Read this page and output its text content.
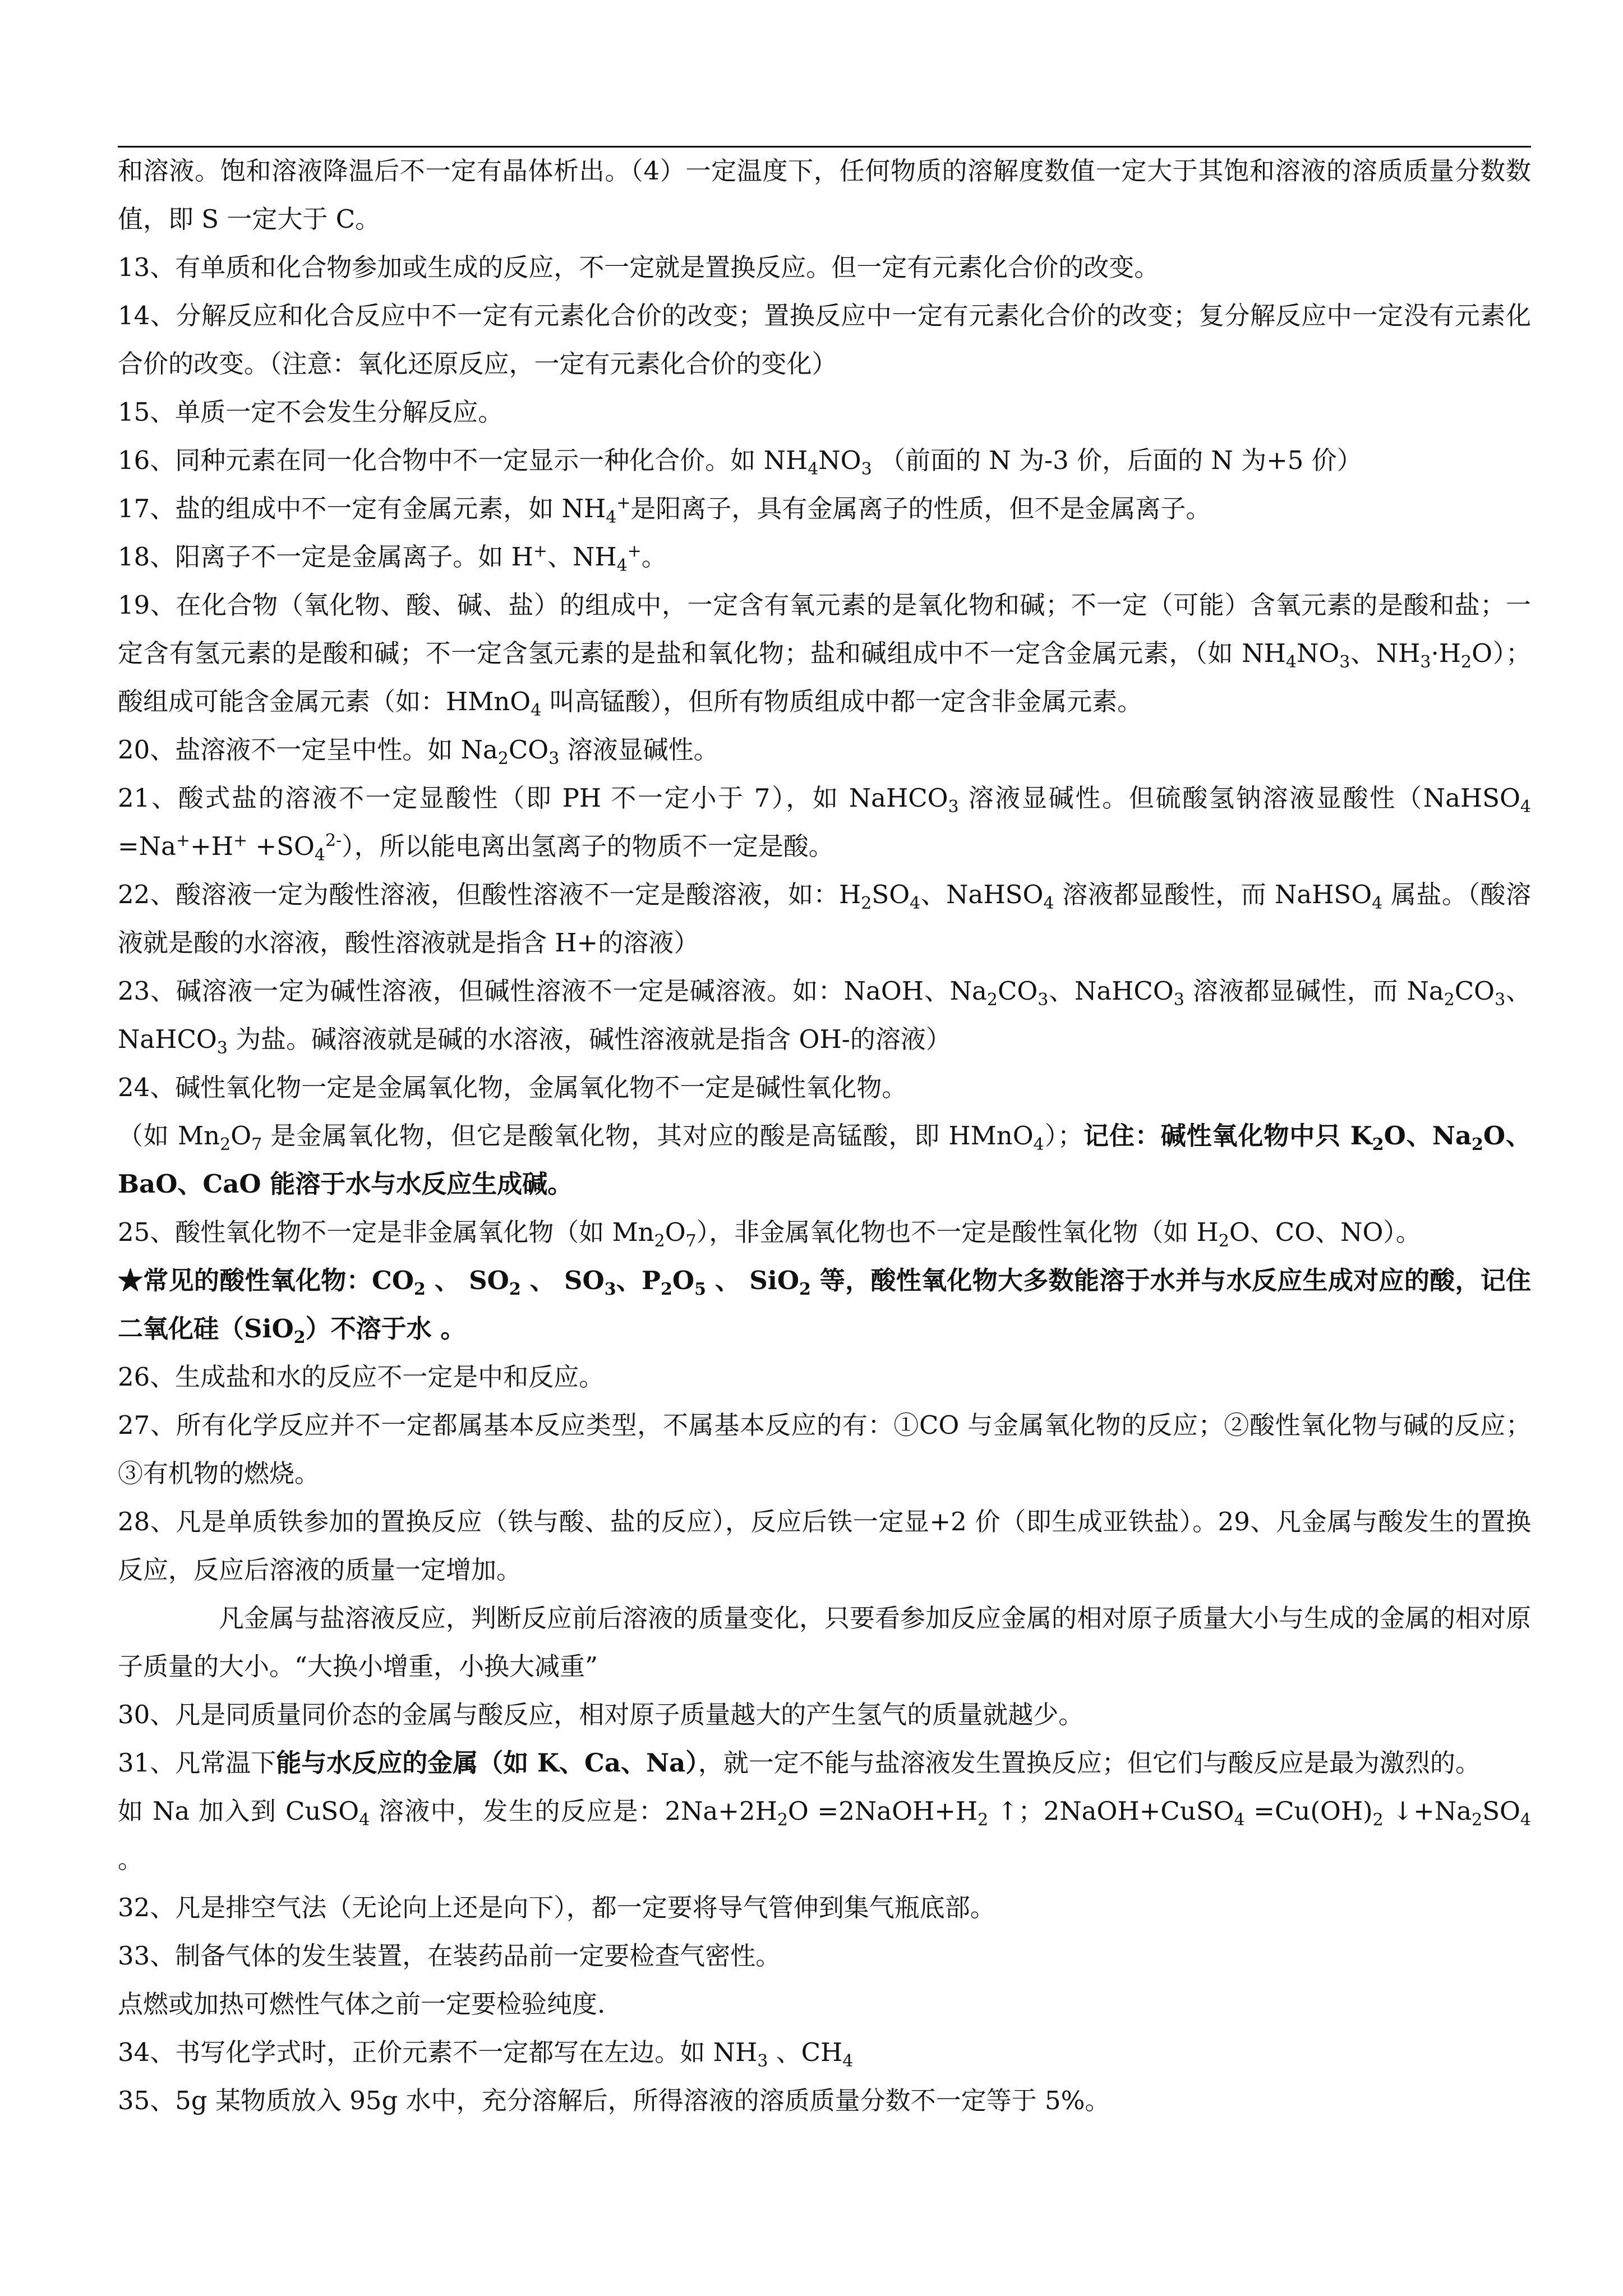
和溶液。饱和溶液降温后不一定有晶体析出。（4）一定温度下，任何物质的溶解度数值一定大于其饱和溶液的溶质质量分数数值，即 S 一定大于 C。

13、有单质和化合物参加或生成的反应，不一定就是置换反应。但一定有元素化合价的改变。

14、分解反应和化合反应中不一定有元素化合价的改变；置换反应中一定有元素化合价的改变；复分解反应中一定没有元素化合价的改变。（注意：氧化还原反应，一定有元素化合价的变化）

15、单质一定不会发生分解反应。

16、同种元素在同一化合物中不一定显示一种化合价。如 $NH_4NO_3$ （前面的 N 为-3 价，后面的 N 为+5 价）

17、盐的组成中不一定有金属元素，如 $NH_4^+$是阳离子，具有金属离子的性质，但不是金属离子。

18、阳离子不一定是金属离子。如 H+、$NH_4^+$。

19、在化合物（氧化物、酸、碱、盐）的组成中，一定含有氧元素的是氧化物和碱；不一定（可能）含氧元素的是酸和盐；一定含有氢元素的是酸和碱；不一定含氢元素的是盐和氧化物；盐和碱组成中不一定含金属元素，（如 $NH_4NO_3$、$NH_3\cdot H_2O$）；酸组成可能含金属元素（如：HMnO$_4$ 叫高锰酸），但所有物质组成中都一定含非金属元素。

20、盐溶液不一定呈中性。如 $Na_2CO_3$ 溶液显碱性。

21、酸式盐的溶液不一定显酸性（即 PH 不一定小于 7），如 NaHCO$_3$ 溶液显碱性。但硫酸氢钠溶液显酸性（NaHSO$_4$ $=Na^++H^+ +SO_4^{2-}$），所以能电离出氢离子的物质不一定是酸。

22、酸溶液一定为酸性溶液，但酸性溶液不一定是酸溶液，如：$H_2SO_4$、NaHSO$_4$ 溶液都显酸性，而 NaHSO$_4$ 属盐。（酸溶液就是酸的水溶液，酸性溶液就是指含 H+的溶液）

23、碱溶液一定为碱性溶液，但碱性溶液不一定是碱溶液。如：NaOH、$Na_2CO_3$、NaHCO$_3$ 溶液都显碱性，而 $Na_2CO_3$、NaHCO$_3$ 为盐。碱溶液就是碱的水溶液，碱性溶液就是指含 OH-的溶液）

24、碱性氧化物一定是金属氧化物，金属氧化物不一定是碱性氧化物。

（如 $Mn_2O_7$ 是金属氧化物，但它是酸氧化物，其对应的酸是高锰酸，即 HMnO$_4$）；记住：碱性氧化物中只 $K_2O$、$Na_2O$、BaO、CaO 能溶于水与水反应生成碱。

25、酸性氧化物不一定是非金属氧化物（如 $Mn_2O_7$），非金属氧化物也不一定是酸性氧化物（如 $H_2O$、CO、NO）。

★常见的酸性氧化物：$CO_2$ 、 $SO_2$ 、 $SO_3$、$P_2O_5$ 、 SiO$_2$ 等，酸性氧化物大多数能溶于水并与水反应生成对应的酸，记住二氧化硅（SiO$_2$）不溶于水 。

26、生成盐和水的反应不一定是中和反应。

27、所有化学反应并不一定都属基本反应类型，不属基本反应的有：①CO 与金属氧化物的反应；②酸性氧化物与碱的反应；③有机物的燃烧。

28、凡是单质铁参加的置换反应（铁与酸、盐的反应），反应后铁一定显+2 价（即生成亚铁盐）。29、凡金属与酸发生的置换反应，反应后溶液的质量一定增加。

凡金属与盐溶液反应，判断反应前后溶液的质量变化，只要看参加反应金属的相对原子质量大小与生成的金属的相对原子质量的大小。“大换小增重，小换大减重”

30、凡是同质量同价态的金属与酸反应，相对原子质量越大的产生氢气的质量就越少。

31、凡常温下能与水反应的金属（如 K、Ca、Na），就一定不能与盐溶液发生置换反应；但它们与酸反应是最为激烈的。

如 Na 加入到 CuSO$_4$ 溶液中，发生的反应是：$2Na+2H_2O$ $=2NaOH+H_2$ ↑；2NaOH+CuSO$_4$ $=Cu(OH)_2$ $↓+Na_2SO_4$ 。

32、凡是排空气法（无论向上还是向下），都一定要将导气管伸到集气瓶底部。

33、制备气体的发生装置，在装药品前一定要检查气密性。

点燃或加热可燃性气体之前一定要检验纯度.

34、书写化学式时，正价元素不一定都写在左边。如 $NH_3$ 、$CH_4$

35、5g 某物质放入 95g 水中，充分溶解后，所得溶液的溶质质量分数不一定等于 5%。
